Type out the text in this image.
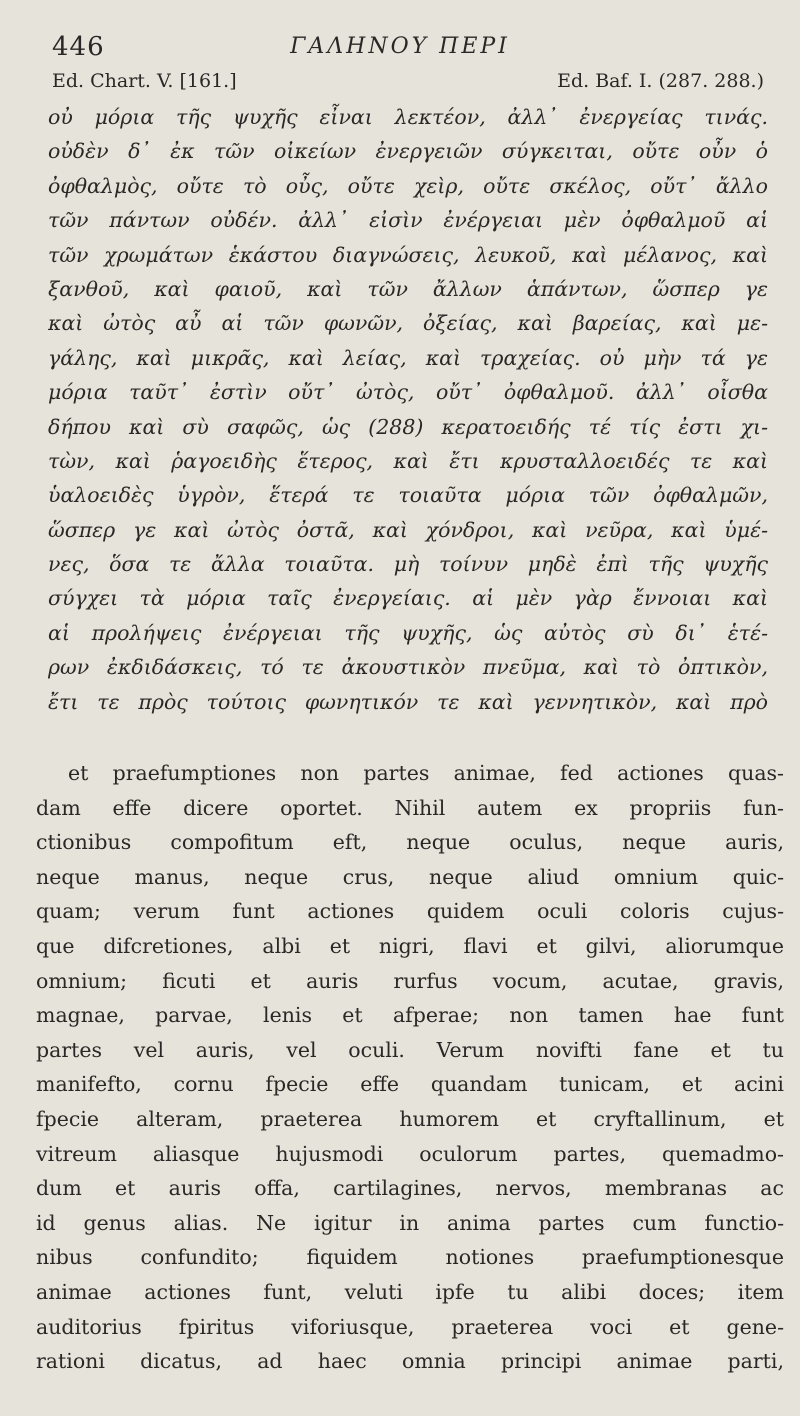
446	ΓΑΛΗΝΟΥ ΠΕΡΙ
Ed. Chart. V. [161.]	Ed. Baf. I. (287. 288.)
οὐ μόρια τῆς ψυχῆς εἶναι λεκτέον, ἀλλ᾽ ἐνεργείας τινάς.
οὐδὲν δ᾽ ἐκ τῶν οἰκείων ἐνεργειῶν σύγκειται, οὔτε οὖν ὁ
ὀφθαλμὸς, οὔτε τὸ οὖς, οὔτε χεὶρ, οὔτε σκέλος, οὔτ᾽ ἄλλο
τῶν πάντων οὐδέν. ἀλλ᾽ εἰσὶν ἐνέργειαι μὲν ὀφθαλμοῦ αἱ
τῶν χρωμάτων ἑκάστου διαγνώσεις, λευκοῦ, καὶ μέλανος, καὶ
ξανθοῦ, καὶ φαιοῦ, καὶ τῶν ἄλλων ἁπάντων, ὥσπερ γε
καὶ ὠτὸς αὖ αἱ τῶν φωνῶν, ὀξείας, καὶ βαρείας, καὶ με-
γάλης, καὶ μικρᾶς, καὶ λείας, καὶ τραχείας. οὐ μὴν τά γε
μόρια ταῦτ᾽ ἐστὶν οὔτ᾽ ὠτὸς, οὔτ᾽ ὀφθαλμοῦ. ἀλλ᾽ οἶσθα
δήπου καὶ σὺ σαφῶς, ὡς (288) κερατοειδής τέ τίς ἐστι χι-
τὼν, καὶ ῥαγοειδὴς ἕτερος, καὶ ἔτι κρυσταλλοειδές τε καὶ
ὑαλοειδὲς ὑγρὸν, ἕτερά τε τοιαῦτα μόρια τῶν ὀφθαλμῶν,
ὥσπερ γε καὶ ὠτὸς ὀστᾶ, καὶ χόνδροι, καὶ νεῦρα, καὶ ὑμέ-
νες, ὅσα τε ἄλλα τοιαῦτα. μὴ τοίνυν μηδὲ ἐπὶ τῆς ψυχῆς
σύγχει τὰ μόρια ταῖς ἐνεργείαις. αἱ μὲν γὰρ ἔννοιαι καὶ
αἱ προλήψεις ἐνέργειαι τῆς ψυχῆς, ὡς αὐτὸς σὺ δι᾽ ἑτέ-
ρων ἐκδιδάσκεις, τό τε ἀκουστικὸν πνεῦμα, καὶ τὸ ὀπτικὸν,
ἔτι τε πρὸς τούτοις φωνητικόν τε καὶ γεννητικὸν, καὶ πρὸ
et praefumptiones non partes animae, fed actiones quas-
dam effe dicere oportet. Nihil autem ex propriis fun-
ctionibus compofitum eft, neque oculus, neque auris,
neque manus, neque crus, neque aliud omnium quic-
quam; verum funt actiones quidem oculi coloris cujus-
que difcretiones, albi et nigri, flavi et gilvi, aliorumque
omnium; ficuti et auris rurfus vocum, acutae, gravis,
magnae, parvae, lenis et afperae; non tamen hae funt
partes vel auris, vel oculi. Verum novifti fane et tu
manifefto, cornu fpecie effe quandam tunicam, et acini
fpecie alteram, praeterea humorem et cryftallinum, et
vitreum aliasque hujusmodi oculorum partes, quemadmo-
dum et auris offa, cartilagines, nervos, membranas ac
id genus alias. Ne igitur in anima partes cum functio-
nibus confundito; fiquidem notiones praefumptionesque
animae actiones funt, veluti ipfe tu alibi doces; item
auditorius fpiritus viforiusque, praeterea voci et gene-
rationi dicatus, ad haec omnia principi animae parti,
